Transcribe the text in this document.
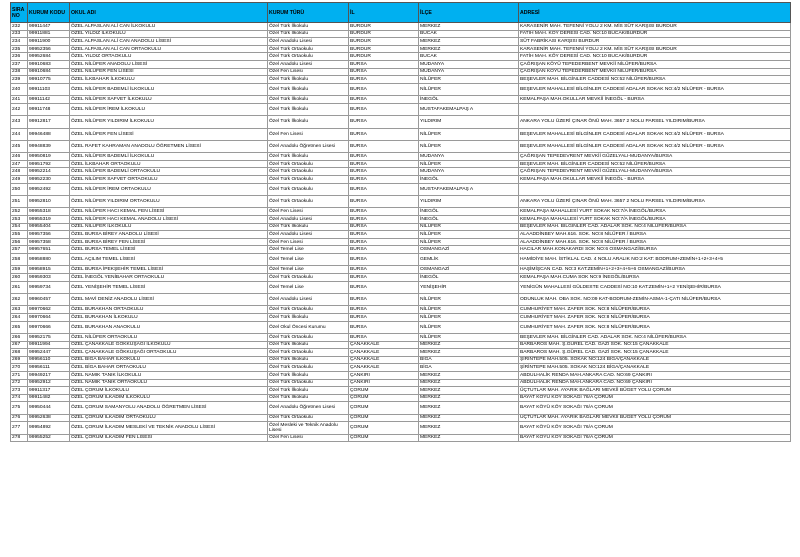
SIRA NO	KURUM KODU	OKUL ADI	KURUM TÜRÜ	İL	İLÇE	ADRESİ
232	99911447	ÖZEL ALPASLAN ALİ CAN İLKOKULU	Özel Türk İlkokulu	BURDUR	MERKEZ	KARASENİR MAH. TEFENNİ YOLU 2 KM. MİS SÜT KARŞISI BURDUR
233	99911881	ÖZEL YILDIZ İLKOKULU	Özel Türk İlkokulu	BURDUR	BUCAK	FATİH MAH. KÖY DERESİ CAD. NO:10 BUCAK/BURDUR
234	99911900	ÖZEL ALPASLAN ALİ CAN ANADOLU LİSESİ	Özel Anadolu Lisesi	BURDUR	MERKEZ	SÜT FABRİKASI KARŞISI BURDUR
235	99952356	ÖZEL ALPASLAN ALİ CAN ORTAOKULU	Özel Türk Ortaokulu	BURDUR	MERKEZ	KARASENİR MAH. TEFENNİ YOLU 2 KM. MİS SÜT KARŞISI BURDUR
236	99952684	ÖZEL YILDIZ ORTAOKULU	Özel Türk Ortaokulu	BURDUR	BUCAK	FATİH MAH. KÖY DERESİ CAD. NO:10 BUCAK/BURDUR
237	99910683	ÖZEL NİLÜFER ANADOLU LİSESİ	Özel Anadolu Lisesi	BURSA	MUDANYA	ÇAĞRIŞAN KÖYÜ TEPEDERBENT MEVKİİ NİLÜFER/BURSA
238	99910684	ÖZEL NİLÜFER FEN LİSESİ	Özel Fen Lisesi	BURSA	MUDANYA	ÇAĞRIŞAN KÖYÜ TEPEDERBENT MEVKİİ NİLÜFER/BURSA
239	99910775	ÖZEL İLKBAHAR İLKOKULU	Özel Türk İlkokulu	BURSA	NİLÜFER	BEŞEVLER MAH. BİLGİNLER CADDESİ NO:52 NİLÜFER/BURSA
240	99911103	ÖZEL NİLÜFER BADEMLİ İLKOKULU	Özel Türk İlkokulu	BURSA	NİLÜFER	BEŞEVLER MAHALLESİ BİLGİNLER CADDESİ ADALAR SOKAK NO:4/2 NİLÜFER - BURSA
241	99911142	ÖZEL NİLÜFER SAFVET İLKOKULU	Özel Türk İlkokulu	BURSA	İNEGÖL	KEMALPAŞA MAH.OKULLAR MEVKİİ İNEGÖL - BURSA
242	99911748	ÖZEL NİLÜFER İREM İLKOKULU	Özel Türk İlkokulu	BURSA	MUSTAFAKEMALPAŞ A	
243	99912817	ÖZEL NİLÜFER YILDIRIM İLKOKULU	Özel Türk İlkokulu	BURSA	YILDIRIM	ANKARA YOLU ÜZERİ ÇINAR ÖNÜ MAH. 3657 2 NOLU PARSEL YILDIRIM/BURSA
244	99946488	ÖZEL NİLÜFER FEN LİSESİ	Özel Fen Lisesi	BURSA	NİLÜFER	BEŞEVLER MAHALLESİ BİLGİNLER CADDESİ ADALAR SOKAK NO:4/2 NİLÜFER - BURSA
245	99948839	ÖZEL RAFET KAHRAMAN ANADOLU ÖĞRETMEN LİSESİ	Özel Anadolu Öğretmen Lisesi	BURSA	NİLÜFER	BEŞEVLER MAHALLESİ BİLGİNLER CADDESİ ADALAR SOKAK NO:4/2 NİLÜFER - BURSA
246	99950819	ÖZEL NİLÜFER BADEMLİ İLKOKULU	Özel Türk İlkokulu	BURSA	MUDANYA	ÇAĞRIŞAN TEPEDEVRENT MEVKİİ GÜZELYALI-MUDANYA/BURSA
247	99951792	ÖZEL İLKBAHAR ORTAOKULU	Özel Türk Ortaokulu	BURSA	NİLÜFER	BEŞEVLER MAH. BİLGİNLER CADDESİ NO:52 NİLÜFER/BURSA
248	99952214	ÖZEL NİLÜFER BADEMLİ ORTAOKULU	Özel Türk Ortaokulu	BURSA	MUDANYA	ÇAĞRIŞAN TEPEDEVRENT MEVKİİ GÜZELYALI-MUDANYA/BURSA
249	99952230	ÖZEL NİLÜFER SAFVET ORTAOKULU	Özel Türk Ortaokulu	BURSA	İNEGÖL	KEMALPAŞA MAH.OKULLAR MEVKİİ İNEGÖL - BURSA
250	99952492	ÖZEL NİLÜFER İREM ORTAOKULU	Özel Türk Ortaokulu	BURSA	MUSTAFAKEMALPAŞ A	
251	99952810	ÖZEL NİLÜFER YILDIRIM ORTAOKULU	Özel Türk Ortaokulu	BURSA	YILDIRIM	ANKARA YOLU ÜZERİ ÇINAR ÖNÜ MAH. 3657 2 NOLU PARSEL YILDIRIM/BURSA
252	99955318	ÖZEL NİLÜFER HACI KEMAL FEN LİSESİ	Özel Fen Lisesi	BURSA	İNEGÖL	KEMALPAŞA MAHALLESİ YURT SOKAK NO:7/A İNEGÖL/BURSA
253	99955319	ÖZEL NİLÜFER HACI KEMAL ANADOLU LİSESİ	Özel Anadolu Lisesi	BURSA	İNEGÖL	KEMALPAŞA MAHALLESİ YURT SOKAK NO:7/A İNEGÖL/BURSA
254	99955404	ÖZEL NİLÜFER İLKOKULU	Özel Türk İlkokulu	BURSA	NİLÜFER	BEŞEVLER MAH. BİLGİNLER CAD. ADALAR SOK. NO:4 NİLÜFER/BURSA
255	99957356	ÖZEL BURSA BİREY ANADOLU LİSESİ	Özel Anadolu Lisesi	BURSA	NİLÜFER	ALAADDİNBEY MAH.616. SOK. NO:8 NİLÜFER / BURSA
256	99957358	ÖZEL BURSA BİREY FEN LİSESİ	Özel Fen Lisesi	BURSA	NİLÜFER	ALAADDİNBEY MAH.616. SOK. NO:8 NİLÜFER / BURSA
257	99957651	ÖZEL BURSA TEMEL LİSESİ	Özel Temel Lise	BURSA	OSMANGAZİ	HACILAR MAH.KONAKARDI SOK NO:6 OSMANGAZİ/BURSA
258	99958880	ÖZEL AÇILIM TEMEL LİSESİ	Özel Temel Lise	BURSA	GEMLİK	HAMİDİYE MAH. İSTİKLAL CAD. 4 NOLU ARALIK NO:2 KAT: BODRUM+ZEMİN+1+2+3+4+5
259	99958915	ÖZEL BURSA İPEKŞEHİR TEMEL LİSESİ	Özel Temel Lise	BURSA	OSMANGAZİ	HAŞİMİŞCAN CAD. NO:3 KAT:ZEMİN+1+2+3+4+5+6 OSMANGAZİ/BURSA
260	99959303	ÖZEL İNEGÖL YENİBAHAR ORTAOKULU	Özel Türk Ortaokulu	BURSA	İNEGÖL	KEMALPAŞA MAH.CUMA SOK NO:9 İNEGÖL/BURSA
261	99959734	ÖZEL YENİŞEHİR TEMEL LİSESİ	Özel Temel Lise	BURSA	YENİŞEHİR	YENİGÜN MAHALLESİ GÜLDESTE CADDESİ NO:10 KAT:ZEMİN+1+2 YENİŞEHİR/BURSA
262	99960457	ÖZEL MAVİ DENİZ ANADOLU LİSESİ	Özel Anadolu Lisesi	BURSA	NİLÜFER	ODUNLUK MAH. OBA SOK. NO:09 KAT-BODRUM-ZEMİN-ASMA-1-ÇATI NİLÜFER/BURSA
263	99970662	ÖZEL BURAKHAN ORTAOKULU	Özel Türk Ortaokulu	BURSA	NİLÜFER	CUMHURİYET MAH. ZAFER SOK. NO:8 NİLÜFER/BURSA
264	99970664	ÖZEL BURAKHAN İLKOKULU	Özel Türk İlkokulu	BURSA	NİLÜFER	CUMHURİYET MAH. ZAFER SOK. NO:8 NİLÜFER/BURSA
265	99970666	ÖZEL BURAKHAN ANAOKULU	Özel Okul Öncesi Kurumu	BURSA	NİLÜFER	CUMHURİYET MAH. ZAFER SOK. NO:8 NİLÜFER/BURSA
266	99952175	ÖZEL NİLÜFER ORTAOKULU	Özel Türk Ortaokulu	BURSA	NİLÜFER	BEŞEVLER MAH. BİLGİNLER CAD. ADALAR SOK. NO:4 NİLÜFER/BURSA
267	99911994	ÖZEL ÇANAKKALE GÖKKUŞAĞI İLKOKULU	Özel Türk İlkokulu	ÇANAKKALE	MERKEZ	BARBAROS MAH. Ş.GÜREL CAD. GAZİ SOK. NO:15 ÇANAKKALE
268	99952447	ÖZEL ÇANAKKALE GÖKKUŞAĞI ORTAOKULU	Özel Türk Ortaokulu	ÇANAKKALE	MERKEZ	BARBAROS MAH. Ş.GÜREL CAD. GAZİ SOK. NO:15 ÇANAKKALE
269	99956110	ÖZEL BİGA BAHAR İLKOKULU	Özel Türk İlkokulu	ÇANAKKALE	BİGA	ŞİRİNTEPE MAH.505. SOKAK NO:124 BİGA/ÇANAKKALE
270	99956111	ÖZEL BİGA BAHAR ORTAOKULU	Özel Türk Ortaokulu	ÇANAKKALE	BİGA	ŞİRİNTEPE MAH.505. SOKAK NO:124 BİGA/ÇANAKKALE
271	99949217	ÖZEL NAMIK TANIK İLKOKULU	Özel Türk İlkokulu	ÇANKIRI	MERKEZ	ABDULHALİK RENDA MAH.ANKARA CAD. NO:69 ÇANKIRI
272	99952912	ÖZEL NAMIK TANIK ORTAOKULU	Özel Türk Ortaokulu	ÇANKIRI	MERKEZ	ABDULHALİK RENDA MAH.ANKARA CAD. NO:69 ÇANKIRI
273	99911317	ÖZEL ÇORUM İLKOKULU	Özel Türk İlkokulu	ÇORUM	MERKEZ	ÜÇTUTLAR MAH. AYARIK BAĞLARI MEVKİİ BÜGET YOLU ÇORUM
274	99911482	ÖZEL ÇORUM İLKADIM İLKOKULU	Özel Türk İlkokulu	ÇORUM	MERKEZ	BAYAT KÖYÜ KÖY SOKAĞI 76/A ÇORUM
275	99950444	ÖZEL ÇORUM SAMANYOLU ANADOLU ÖĞRETMEN LİSESİ	Özel Anadolu Öğretmen Lisesi	ÇORUM	MERKEZ	BAYAT KÖYÜ KÖY SOKAĞI 76/A ÇORUM
276	99952638	ÖZEL ÇORUM İLKADIM ORTAOKULU	Özel Türk Ortaokulu	ÇORUM	MERKEZ	ÜÇTUTLAR MAH. AYARIK BAĞLARI MEVKİİ BÜGET YOLU ÇORUM
277	99954892	ÖZEL ÇORUM İLKADIM MESLEKİ VE TEKNİK ANADOLU LİSESİ	Özel Mesleki ve Teknik Anadolu Lisesi	ÇORUM	MERKEZ	BAYAT KÖYÜ KÖY SOKAĞI 76/A ÇORUM
278	99955252	ÖZEL ÇORUM İLKADIM FEN LİSESİ	Özel Fen Lisesi	ÇORUM	MERKEZ	BAYAT KÖYÜ KÖY SOKAĞI 76/A ÇORUM
